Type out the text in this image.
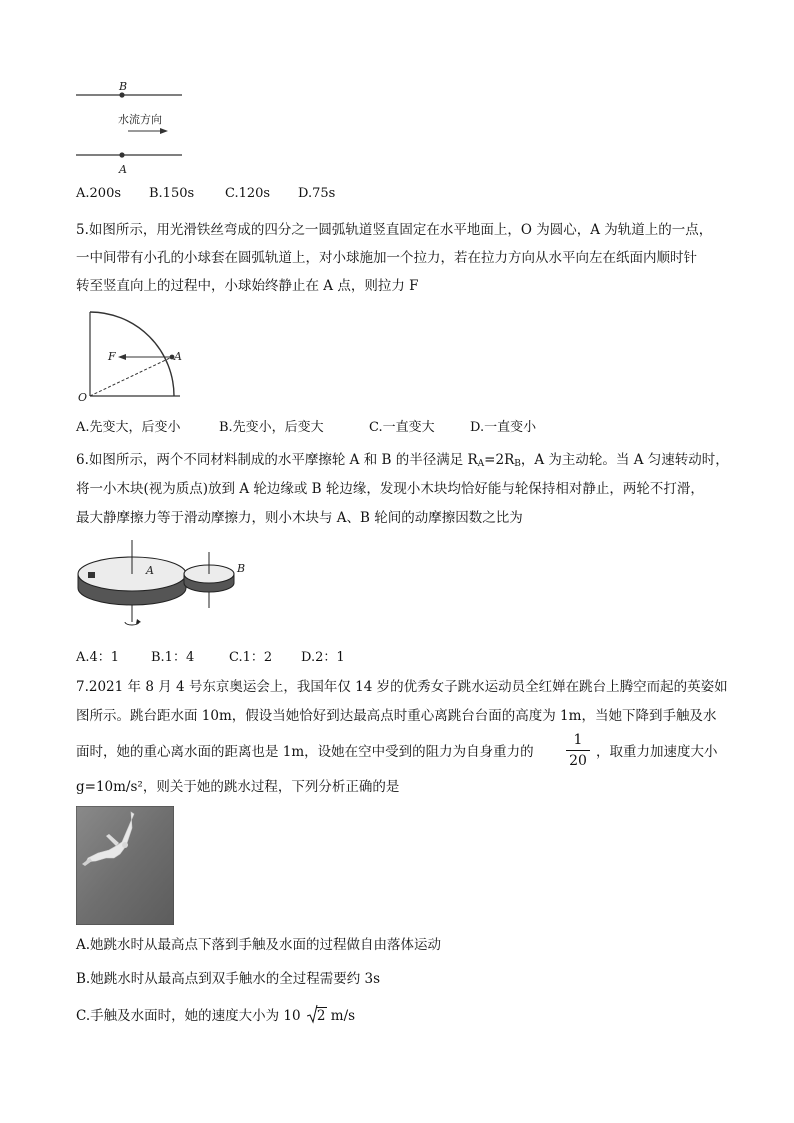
B
水流方向
A
A.200s B.150s C.120s D.75s
5.如图所示，用光滑铁丝弯成的四分之一圆弧轨道竖直固定在水平地面上，O 为圆心，A 为轨道上的一点，
一中间带有小孔的小球套在圆弧轨道上，对小球施加一个拉力，若在拉力方向从水平向左在纸面内顺时针
转至竖直向上的过程中，小球始终静止在 A 点，则拉力 F
F	A
O
A.先变大，后变小	B.先变小，后变大	C.一直变大	D.一直变小
6.如图所示，两个不同材料制成的水平摩擦轮 A 和 B 的半径满足 $R_A=2R_B$，A 为主动轮。当 A 匀速转动时，
将一小木块(视为质点)放到 A 轮边缘或 B 轮边缘，发现小木块均恰好能与轮保持相对静止，两轮不打滑，
最大静摩擦力等于滑动摩擦力，则小木块与 A、B 轮间的动摩擦因数之比为
A	B
A.4：1 B.1：4	C.1：2 D.2：1
7.2021 年 8 月 4 号东京奥运会上，我国年仅 14 岁的优秀女子跳水运动员全红婵在跳台上腾空而起的英姿如
图所示。跳台距水面 10m，假设当她恰好到达最高点时重心离跳台台面的高度为 1m，当她下降到手触及水
面时，她的重心离水面的距离也是 1m，设她在空中受到的阻力为自身重力的
1
20
，取重力加速度大小
g=10m/s²，则关于她的跳水过程，下列分析正确的是
A.她跳水时从最高点下落到手触及水面的过程做自由落体运动
B.她跳水时从最高点到双手触水的全过程需要约 3s
C.手触及水面时，她的速度大小为 10 2 m/s
